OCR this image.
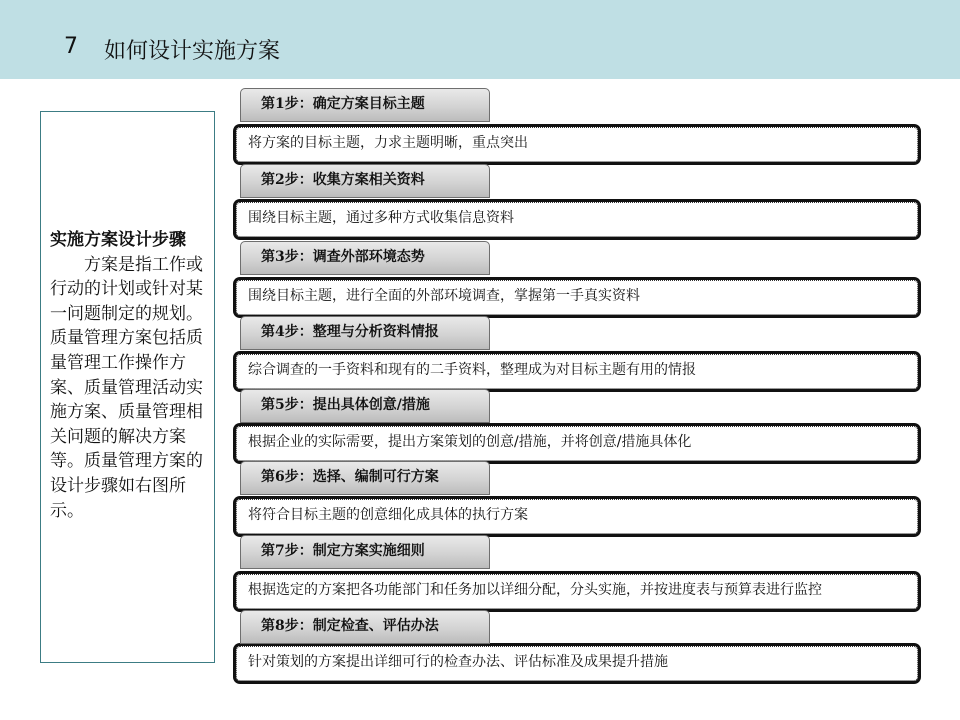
7 如何设计实施方案
实施方案设计步骤
方案是指工作或行动的计划或针对某一问题制定的规划。质量管理方案包括质量管理工作操作方案、质量管理活动实施方案、质量管理相关问题的解决方案等。质量管理方案的设计步骤如右图所示。
将方案的目标主题，力求主题明晰，重点突出
第1步：确定方案目标主题
围绕目标主题，通过多种方式收集信息资料
第2步：收集方案相关资料
围绕目标主题，进行全面的外部环境调查，掌握第一手真实资料
第3步：调查外部环境态势
综合调查的一手资料和现有的二手资料，整理成为对目标主题有用的情报
第4步：整理与分析资料情报
根据企业的实际需要，提出方案策划的创意/措施，并将创意/措施具体化
第5步：提出具体创意/措施
将符合目标主题的创意细化成具体的执行方案
第6步：选择、编制可行方案
根据选定的方案把各功能部门和任务加以详细分配，分头实施，并按进度表与预算表进行监控
第7步：制定方案实施细则
针对策划的方案提出详细可行的检查办法、评估标准及成果提升措施
第8步：制定检查、评估办法
